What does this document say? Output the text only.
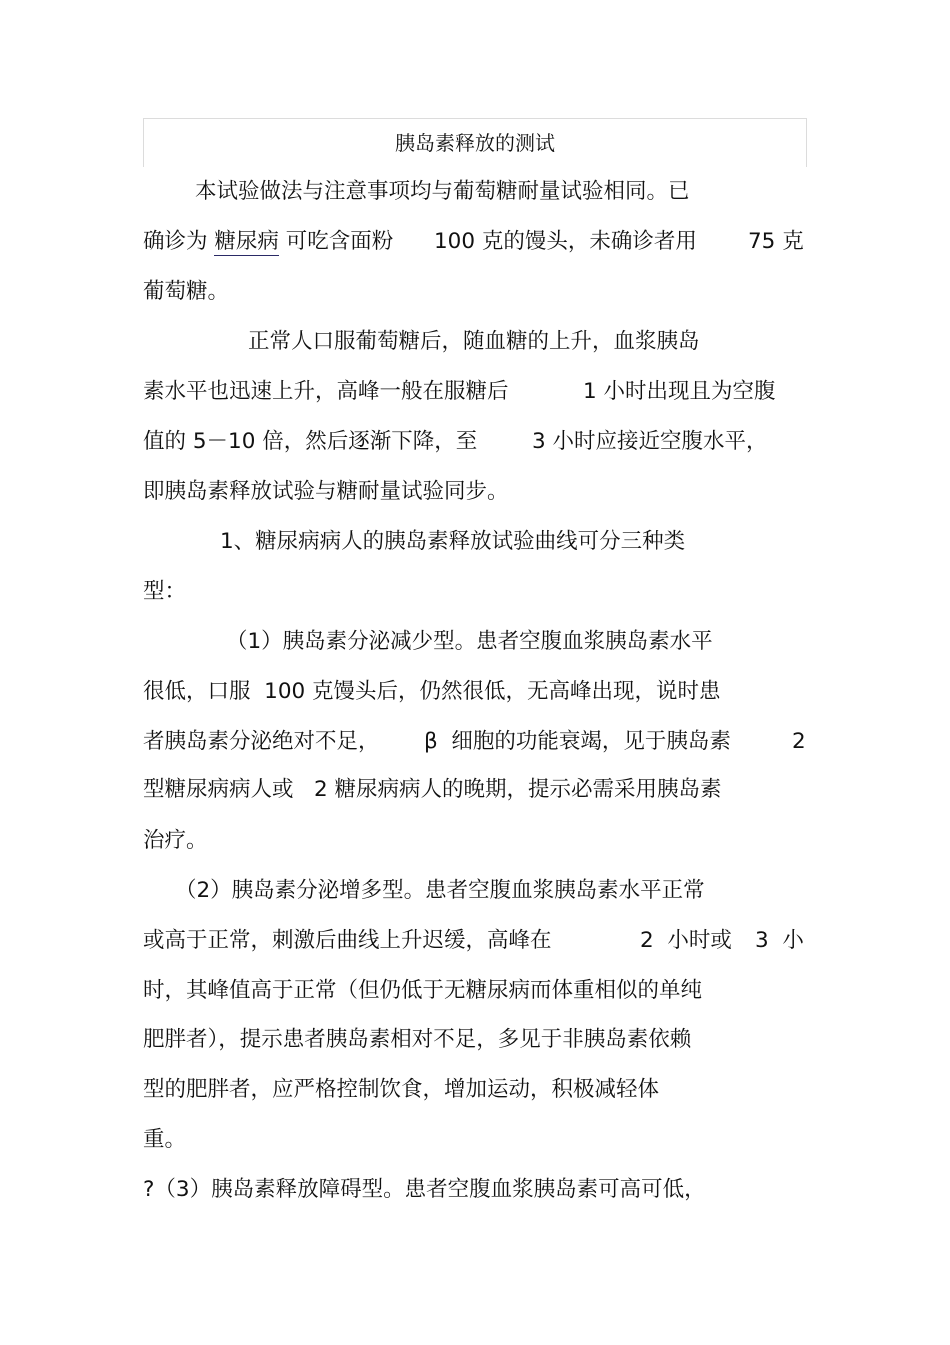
胰岛素释放的测试
本试验做法与注意事项均与葡萄糖耐量试验相同。已
确诊为 糖尿病 可吃含面粉 100 克的馒头，未确诊者用 75 克
葡萄糖。
正常人口服葡萄糖后，随血糖的上升，血浆胰岛
素水平也迅速上升，高峰一般在服糖后	1 小时出现且为空腹
值的 5－10 倍，然后逐渐下降，至	3 小时应接近空腹水平，
即胰岛素释放试验与糖耐量试验同步。
1、糖尿病病人的胰岛素释放试验曲线可分三种类
型：
（1）胰岛素分泌减少型。患者空腹血浆胰岛素水平
很低，口服  100 克馒头后，仍然很低，无高峰出现，说时患
者胰岛素分泌绝对不足， β  细胞的功能衰竭，见于胰岛素	2
型糖尿病病人或   2 糖尿病病人的晚期，提示必需采用胰岛素
治疗。
（2）胰岛素分泌增多型。患者空腹血浆胰岛素水平正常
或高于正常，刺激后曲线上升迟缓，高峰在	2  小时或 3  小
时，其峰值高于正常（但仍低于无糖尿病而体重相似的单纯
肥胖者），提示患者胰岛素相对不足，多见于非胰岛素依赖
型的肥胖者，应严格控制饮食，增加运动，积极减轻体
重。
?（3）胰岛素释放障碍型。患者空腹血浆胰岛素可高可低，
